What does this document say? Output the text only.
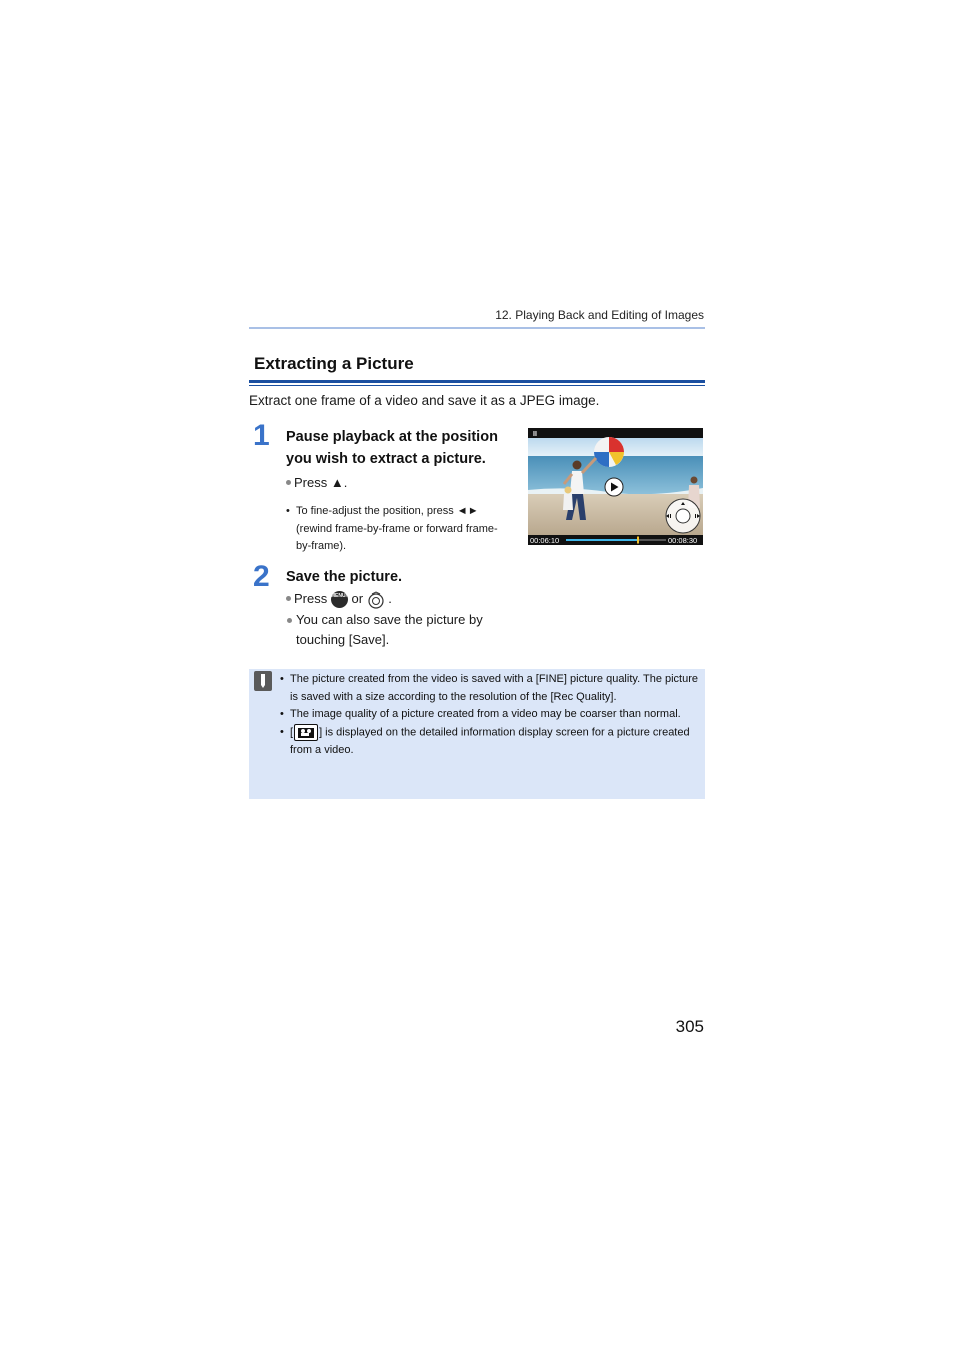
12. Playing Back and Editing of Images
Extracting a Picture
Extract one frame of a video and save it as a JPEG image.
1 Pause playback at the position you wish to extract a picture.
Press ▲.
• To fine-adjust the position, press ◄► (rewind frame-by-frame or forward frame-by-frame).
II
00:06:10	00:08:30
2 Save the picture.
Press MENU/SET or .
You can also save the picture by touching [Save].
• The picture created from the video is saved with a [FINE] picture quality. The picture is saved with a size according to the resolution of the [Rec Quality].
• The image quality of a picture created from a video may be coarser than normal.
• [ ] is displayed on the detailed information display screen for a picture created from a video.
305
